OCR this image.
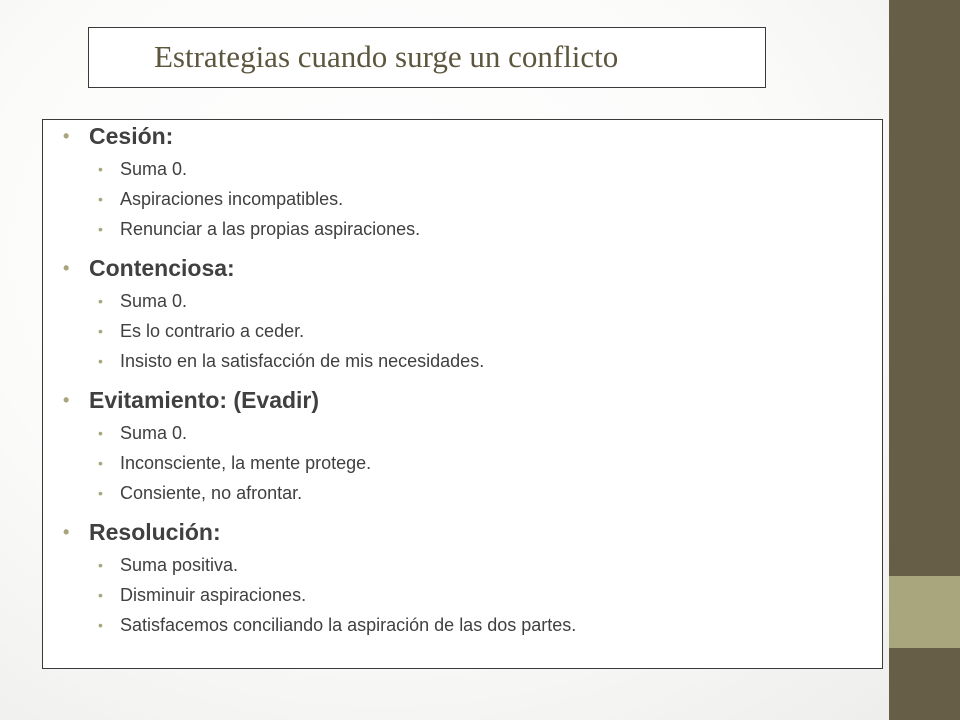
Estrategias cuando surge un conflicto
• Cesión:
• Suma 0.
• Aspiraciones incompatibles.
• Renunciar a las propias aspiraciones.
• Contenciosa:
• Suma 0.
• Es lo contrario a ceder.
• Insisto en la satisfacción de mis necesidades.
• Evitamiento: (Evadir)
• Suma 0.
• Inconsciente, la mente protege.
• Consiente, no afrontar.
• Resolución:
• Suma positiva.
• Disminuir aspiraciones.
• Satisfacemos conciliando la aspiración de las dos partes.
